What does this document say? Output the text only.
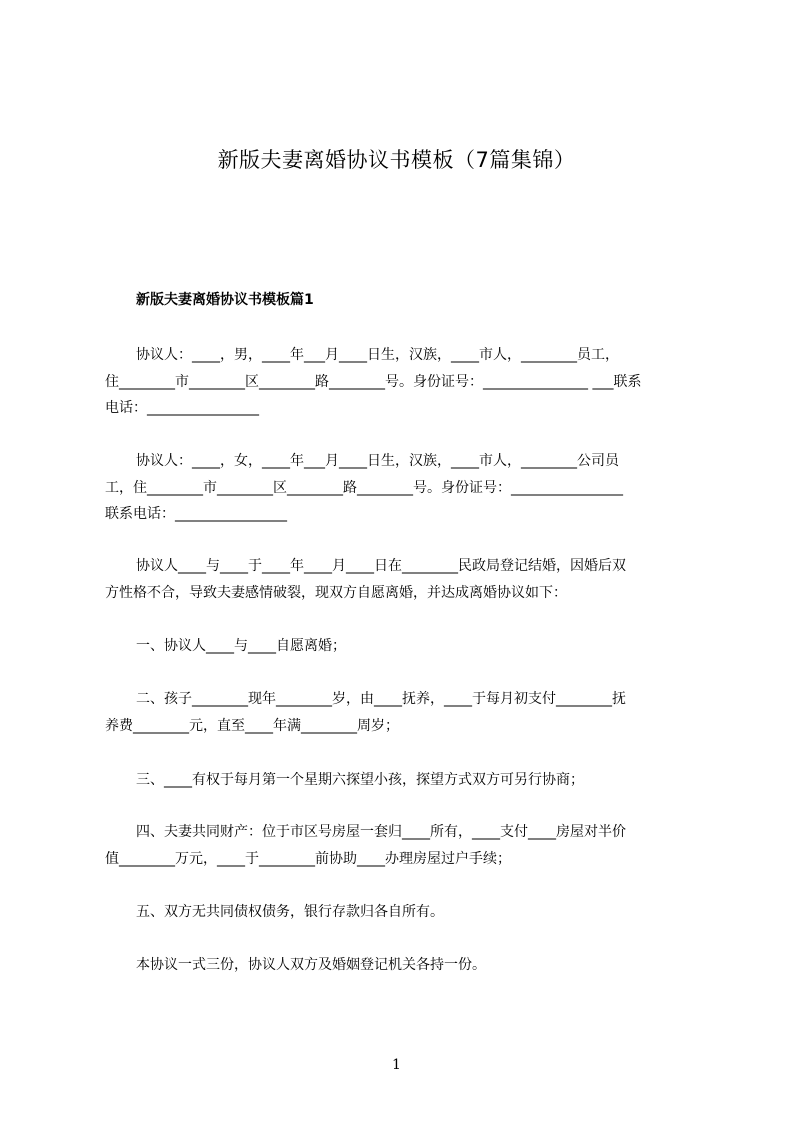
新版夫妻离婚协议书模板（7篇集锦）
新版夫妻离婚协议书模板篇1
协议人：____，男，____年___月____日生，汉族，____市人，________员工，
住________市________区________路________号。身份证号：_______________ ___联系
电话：________________
协议人：____，女，____年___月____日生，汉族，____市人，________公司员
工，住________市________区________路________号。身份证号：________________
联系电话：________________
协议人____与____于____年____月____日在________民政局登记结婚，因婚后双
方性格不合，导致夫妻感情破裂，现双方自愿离婚，并达成离婚协议如下：
一、协议人____与____自愿离婚；
二、孩子________现年________岁，由____抚养，____于每月初支付________抚
养费________元，直至____年满________周岁；
三、____有权于每月第一个星期六探望小孩，探望方式双方可另行协商；
四、夫妻共同财产：位于市区号房屋一套归____所有，____支付____房屋对半价
值________万元，____于________前协助____办理房屋过户手续；
五、双方无共同债权债务，银行存款归各自所有。
本协议一式三份，协议人双方及婚姻登记机关各持一份。
1
